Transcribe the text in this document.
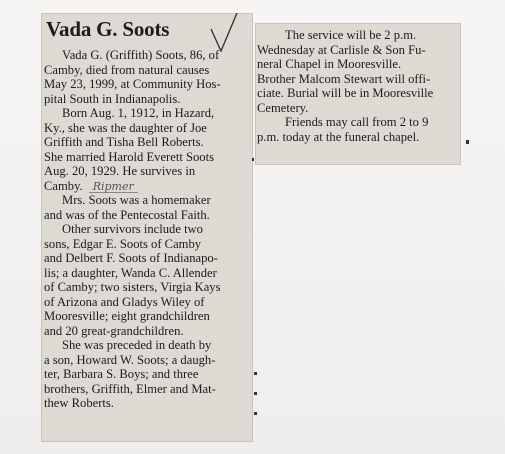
Vada G. Soots
Vada G. (Griffith) Soots, 86, of
Camby, died from natural causes
May 23, 1999, at Community Hos-
pital South in Indianapolis.
Born Aug. 1, 1912, in Hazard,
Ky., she was the daughter of Joe
Griffith and Tisha Bell Roberts.
She married Harold Everett Soots
Aug. 20, 1929. He survives in
Camby. Ripmer
Mrs. Soots was a homemaker
and was of the Pentecostal Faith.
Other survivors include two
sons, Edgar E. Soots of Camby
and Delbert F. Soots of Indianapo-
lis; a daughter, Wanda C. Allender
of Camby; two sisters, Virgia Kays
of Arizona and Gladys Wiley of
Mooresville; eight grandchildren
and 20 great-grandchildren.
She was preceded in death by
a son, Howard W. Soots; a daugh-
ter, Barbara S. Boys; and three
brothers, Griffith, Elmer and Mat-
thew Roberts.
The service will be 2 p.m.
Wednesday at Carlisle & Son Fu-
neral Chapel in Mooresville.
Brother Malcom Stewart will offi-
ciate. Burial will be in Mooresville
Cemetery.
Friends may call from 2 to 9
p.m. today at the funeral chapel.
